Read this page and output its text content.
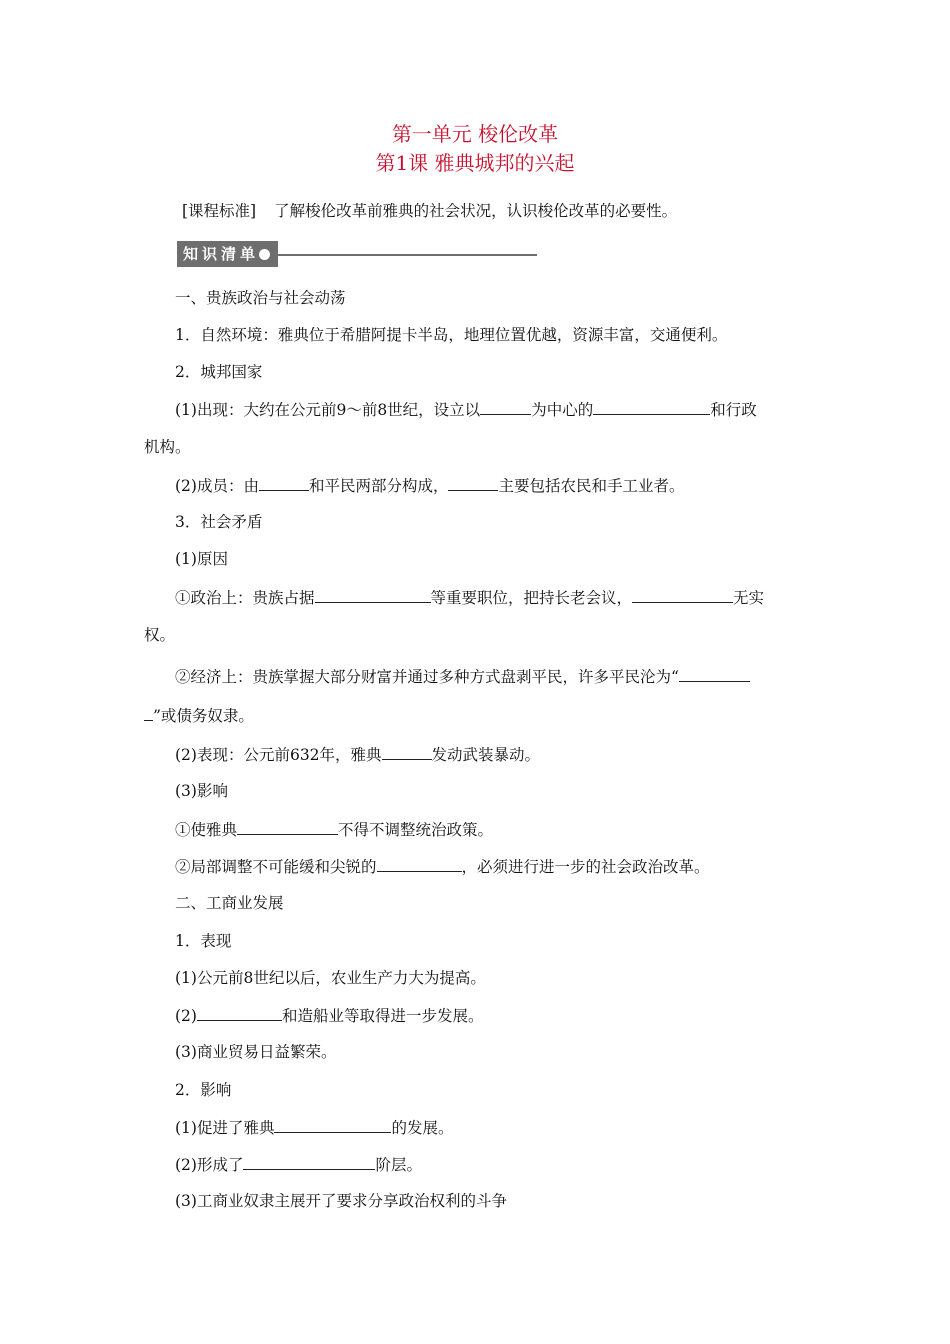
第一单元 梭伦改革
第1课 雅典城邦的兴起
[课程标准] 了解梭伦改革前雅典的社会状况，认识梭伦改革的必要性。
知识清单
一、贵族政治与社会动荡
1．自然环境：雅典位于希腊阿提卡半岛，地理位置优越，资源丰富，交通便利。
2．城邦国家
(1)出现：大约在公元前9～前8世纪，设立以	为中心的	和行政
机构。
(2)成员：由	和平民两部分构成，	主要包括农民和手工业者。
3．社会矛盾
(1)原因
①政治上：贵族占据	等重要职位，把持长老会议，	无实
权。
②经济上：贵族掌握大部分财富并通过多种方式盘剥平民，许多平民沦为“
”或债务奴隶。
(2)表现：公元前632年，雅典	发动武装暴动。
(3)影响
①使雅典	不得不调整统治政策。
②局部调整不可能缓和尖锐的	，必须进行进一步的社会政治改革。
二、工商业发展
1．表现
(1)公元前8世纪以后，农业生产力大为提高。
(2)	和造船业等取得进一步发展。
(3)商业贸易日益繁荣。
2．影响
(1)促进了雅典	的发展。
(2)形成了	阶层。
(3)工商业奴隶主展开了要求分享政治权利的斗争
